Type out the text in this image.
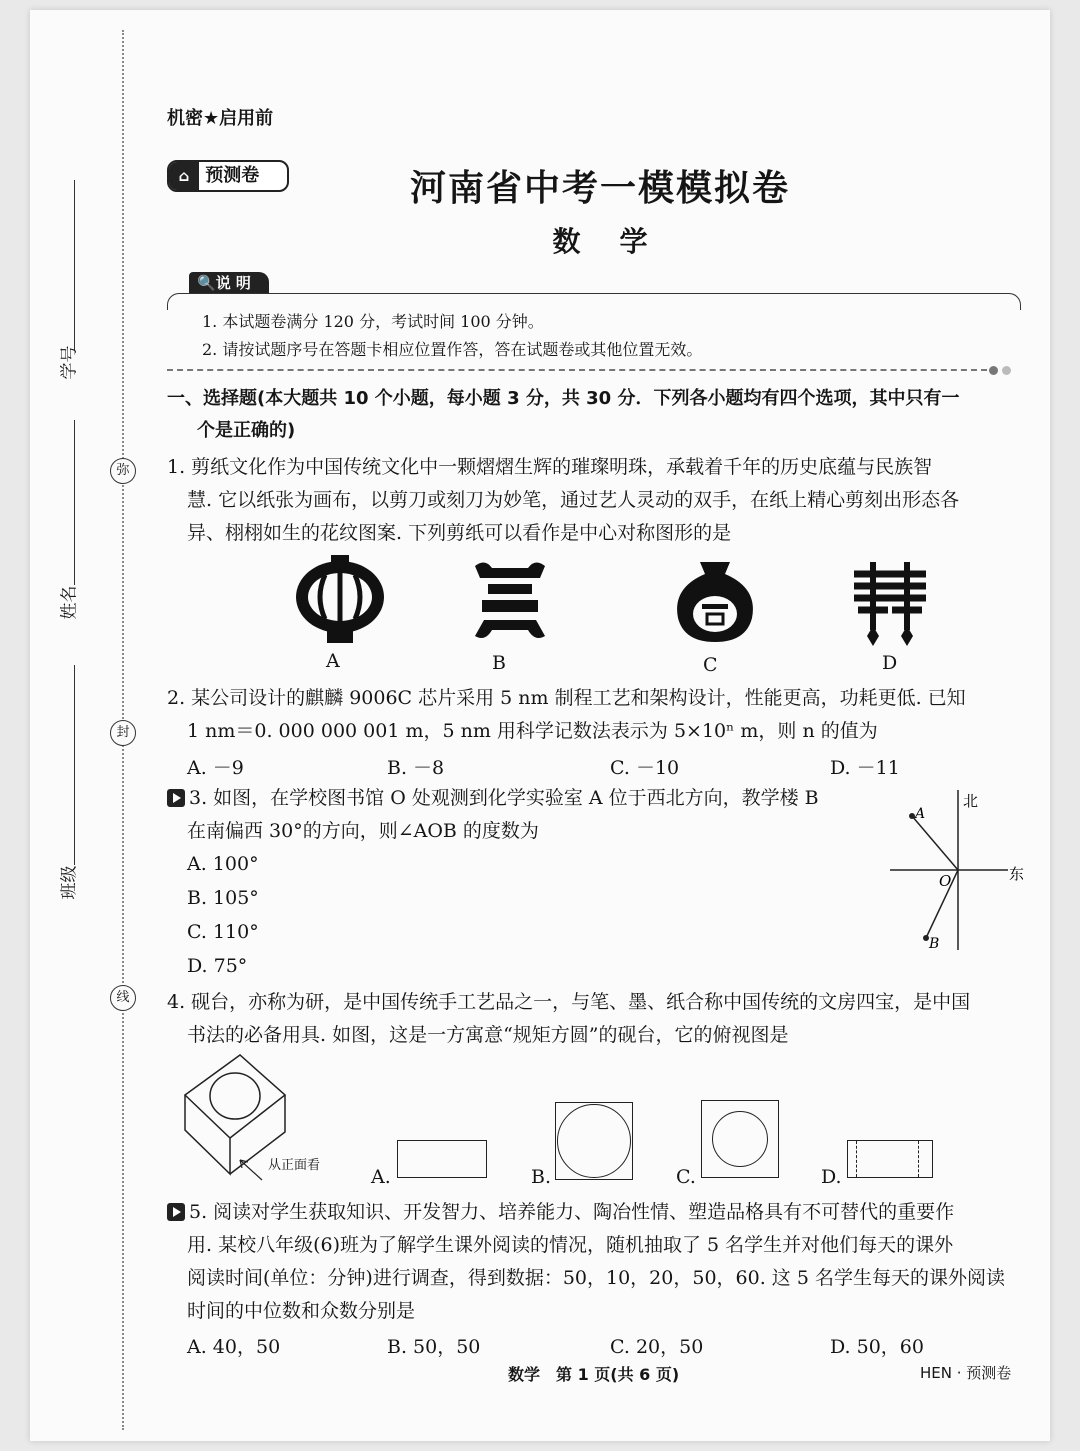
弥
封
线
学号
姓名
班级
机密★启用前
⌂ 预测卷	河南省中考一模模拟卷
数    学
🔍说 明
1. 本试题卷满分 120 分，考试时间 100 分钟。
2. 请按试题序号在答题卡相应位置作答，答在试题卷或其他位置无效。
一、选择题(本大题共 10 个小题，每小题 3 分，共 30 分．下列各小题均有四个选项，其中只有一
个是正确的)
1. 剪纸文化作为中国传统文化中一颗熠熠生辉的璀璨明珠，承载着千年的历史底蕴与民族智
慧. 它以纸张为画布，以剪刀或刻刀为妙笔，通过艺人灵动的双手，在纸上精心剪刻出形态各
异、栩栩如生的花纹图案. 下列剪纸可以看作是中心对称图形的是
A	B	C	D
2. 某公司设计的麒麟 9006C 芯片采用 5 nm 制程工艺和架构设计，性能更高，功耗更低. 已知
1 nm＝0. 000 000 001 m，5 nm 用科学记数法表示为 5×10ⁿ m，则 n 的值为
A. －9	B. －8	C. －10	D. －11
3. 如图，在学校图书馆 O 处观测到化学实验室 A 位于西北方向，教学楼 B
在南偏西 30°的方向，则∠AOB 的度数为
A. 100°
B. 105°
C. 110°
D. 75°
北
东
O
A
B
4. 砚台，亦称为研，是中国传统手工艺品之一，与笔、墨、纸合称中国传统的文房四宝，是中国
书法的必备用具. 如图，这是一方寓意“规矩方圆”的砚台，它的俯视图是
从正面看
A.	B.	C.	D.
5. 阅读对学生获取知识、开发智力、培养能力、陶冶性情、塑造品格具有不可替代的重要作
用. 某校八年级(6)班为了解学生课外阅读的情况，随机抽取了 5 名学生并对他们每天的课外
阅读时间(单位：分钟)进行调查，得到数据：50，10，20，50，60. 这 5 名学生每天的课外阅读
时间的中位数和众数分别是
A. 40，50	B. 50，50	C. 20，50	D. 50，60
数学　第 1 页(共 6 页)	HEN · 预测卷
